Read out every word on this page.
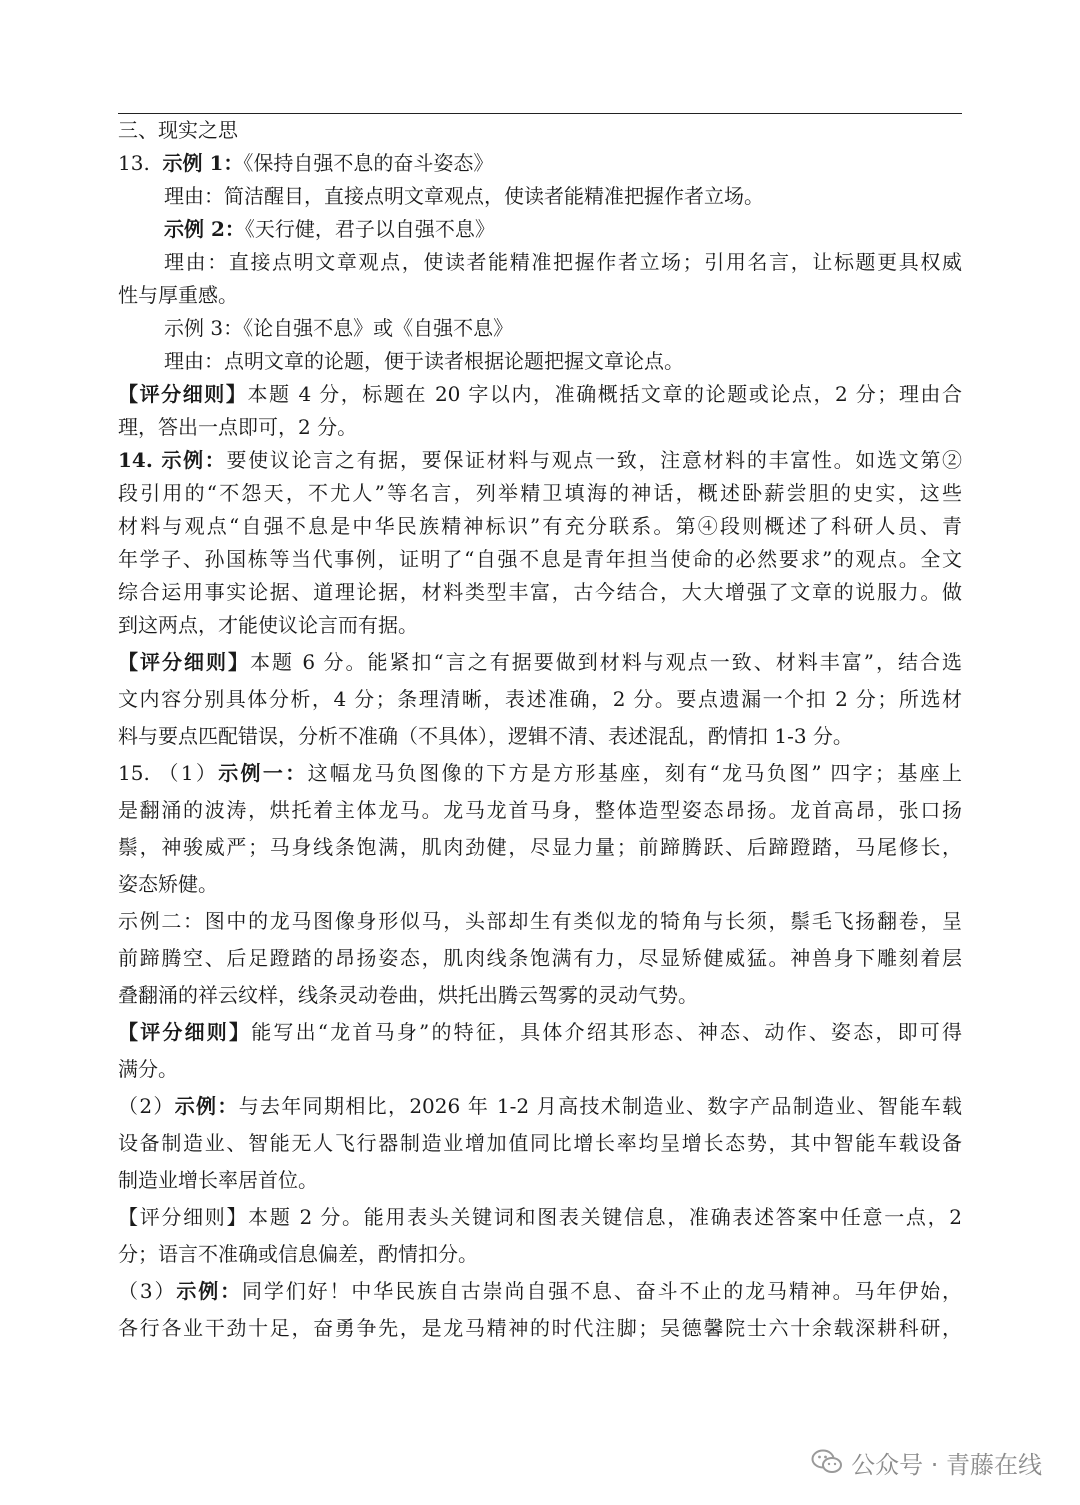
三、现实之思
13. 示例 1：《保持自强不息的奋斗姿态》
理由：简洁醒目，直接点明文章观点，使读者能精准把握作者立场。
示例 2：《天行健，君子以自强不息》
理由：直接点明文章观点，使读者能精准把握作者立场；引用名言，让标题更具权威
性与厚重感。
示例 3：《论自强不息》或《自强不息》
理由：点明文章的论题，便于读者根据论题把握文章论点。
【评分细则】本题 4 分，标题在 20 字以内，准确概括文章的论题或论点，2 分；理由合
理，答出一点即可，2 分。
14. 示例：要使议论言之有据，要保证材料与观点一致，注意材料的丰富性。如选文第②
段引用的“不怨天，不尤人”等名言，列举精卫填海的神话，概述卧薪尝胆的史实，这些
材料与观点“自强不息是中华民族精神标识”有充分联系。第④段则概述了科研人员、青
年学子、孙国栋等当代事例，证明了“自强不息是青年担当使命的必然要求”的观点。全文
综合运用事实论据、道理论据，材料类型丰富，古今结合，大大增强了文章的说服力。做
到这两点，才能使议论言而有据。
【评分细则】本题 6 分。能紧扣“言之有据要做到材料与观点一致、材料丰富”，结合选
文内容分别具体分析，4 分；条理清晰，表述准确，2 分。要点遗漏一个扣 2 分；所选材
料与要点匹配错误，分析不准确（不具体），逻辑不清、表述混乱，酌情扣 1-3 分。
15. （1）示例一：这幅龙马负图像的下方是方形基座，刻有“龙马负图” 四字；基座上
是翻涌的波涛，烘托着主体龙马。龙马龙首马身，整体造型姿态昂扬。龙首高昂，张口扬
鬃，神骏威严；马身线条饱满，肌肉劲健，尽显力量；前蹄腾跃、后蹄蹬踏，马尾修长，
姿态矫健。
示例二：图中的龙马图像身形似马，头部却生有类似龙的犄角与长须，鬃毛飞扬翻卷，呈
前蹄腾空、后足蹬踏的昂扬姿态，肌肉线条饱满有力，尽显矫健威猛。神兽身下雕刻着层
叠翻涌的祥云纹样，线条灵动卷曲，烘托出腾云驾雾的灵动气势。
【评分细则】能写出“龙首马身”的特征，具体介绍其形态、神态、动作、姿态，即可得
满分。
（2）示例：与去年同期相比，2026 年 1-2 月高技术制造业、数字产品制造业、智能车载
设备制造业、智能无人飞行器制造业增加值同比增长率均呈增长态势，其中智能车载设备
制造业增长率居首位。
【评分细则】本题 2 分。能用表头关键词和图表关键信息，准确表述答案中任意一点，2
分；语言不准确或信息偏差，酌情扣分。
（3）示例：同学们好！中华民族自古崇尚自强不息、奋斗不止的龙马精神。马年伊始，
各行各业干劲十足，奋勇争先，是龙马精神的时代注脚；吴德馨院士六十余载深耕科研，
公众号 · 青藤在线
